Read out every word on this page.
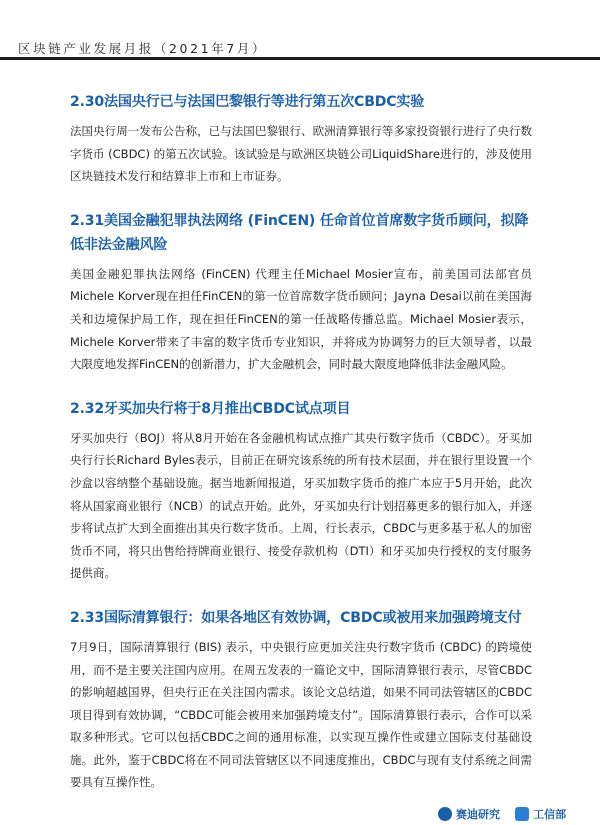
区块链产业发展月报（2021年7月）
2.30法国央行已与法国巴黎银行等进行第五次CBDC实验

法国央行周一发布公告称，已与法国巴黎银行、欧洲清算银行等多家投资银行进行了央行数字货币 (CBDC) 的第五次试验。该试验是与欧洲区块链公司LiquidShare进行的，涉及使用区块链技术发行和结算非上市和上市证券。

2.31美国金融犯罪执法网络 (FinCEN) 任命首位首席数字货币顾问，拟降低非法金融风险

美国金融犯罪执法网络 (FinCEN) 代理主任Michael Mosier宣布，前美国司法部官员Michele Korver现在担任FinCEN的第一位首席数字货币顾问；Jayna Desai以前在美国海关和边境保护局工作，现在担任FinCEN的第一任战略传播总监。Michael Mosier表示，Michele Korver带来了丰富的数字货币专业知识，并将成为协调努力的巨大领导者，以最大限度地发挥FinCEN的创新潜力，扩大金融机会，同时最大限度地降低非法金融风险。

2.32牙买加央行将于8月推出CBDC试点项目

牙买加央行（BOJ）将从8月开始在各金融机构试点推广其央行数字货币（CBDC）。牙买加央行行长Richard Byles表示，目前正在研究该系统的所有技术层面，并在银行里设置一个沙盒以容纳整个基础设施。据当地新闻报道，牙买加数字货币的推广本应于5月开始，此次将从国家商业银行（NCB）的试点开始。此外，牙买加央行计划招募更多的银行加入，并逐步将试点扩大到全面推出其央行数字货币。上周，行长表示，CBDC与更多基于私人的加密货币不同，将只出售给持牌商业银行、接受存款机构（DTI）和牙买加央行授权的支付服务提供商。

2.33国际清算银行：如果各地区有效协调，CBDC或被用来加强跨境支付

7月9日，国际清算银行 (BIS) 表示，中央银行应更加关注央行数字货币 (CBDC) 的跨境使用，而不是主要关注国内应用。在周五发表的一篇论文中，国际清算银行表示，尽管CBDC的影响超越国界，但央行正在关注国内需求。该论文总结道，如果不同司法管辖区的CBDC项目得到有效协调，“CBDC可能会被用来加强跨境支付”。国际清算银行表示，合作可以采取多种形式。它可以包括CBDC之间的通用标准，以实现互操作性或建立国际支付基础设施。此外，鉴于CBDC将在不同司法管辖区以不同速度推出，CBDC与现有支付系统之间需要具有互操作性。

赛迪研究
	工信部
